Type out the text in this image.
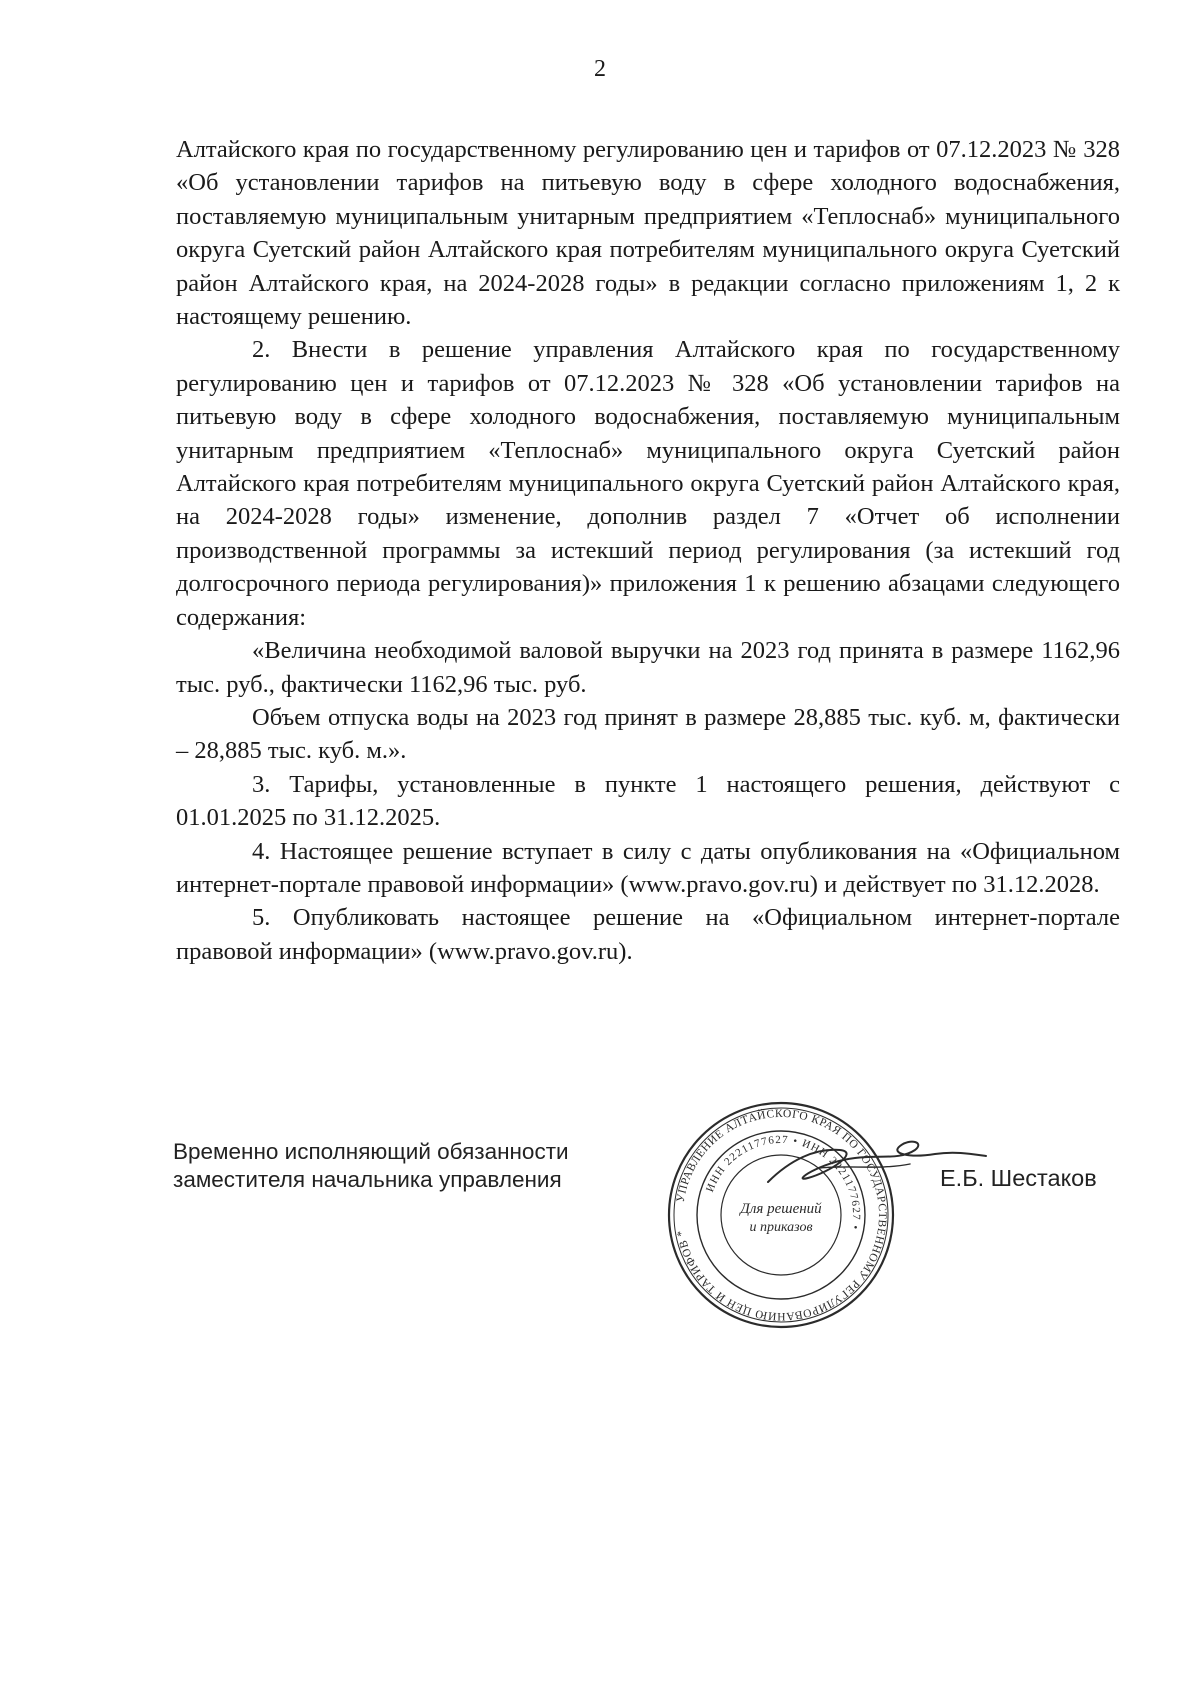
2

Алтайского края по государственному регулированию цен и тарифов от 07.12.2023 № 328 «Об установлении тарифов на питьевую воду в сфере холодного водоснабжения, поставляемую муниципальным унитарным предприятием «Теплоснаб» муниципального округа Суетский район Алтайского края потребителям муниципального округа Суетский район Алтайского края, на 2024-2028 годы» в редакции согласно приложениям 1, 2 к настоящему решению.

2. Внести в решение управления Алтайского края по государственному регулированию цен и тарифов от 07.12.2023 № 328 «Об установлении тарифов на питьевую воду в сфере холодного водоснабжения, поставляемую муниципальным унитарным предприятием «Теплоснаб» муниципального округа Суетский район Алтайского края потребителям муниципального округа Суетский район Алтайского края, на 2024-2028 годы» изменение, дополнив раздел 7 «Отчет об исполнении производственной программы за истекший период регулирования (за истекший год долгосрочного периода регулирования)» приложения 1 к решению абзацами следующего содержания:

«Величина необходимой валовой выручки на 2023 год принята в размере 1162,96 тыс. руб., фактически 1162,96 тыс. руб.

Объем отпуска воды на 2023 год принят в размере 28,885 тыс. куб. м, фактически – 28,885 тыс. куб. м.».

3. Тарифы, установленные в пункте 1 настоящего решения, действуют с 01.01.2025 по 31.12.2025.

4. Настоящее решение вступает в силу с даты опубликования на «Официальном интернет-портале правовой информации» (www.pravo.gov.ru) и действует по 31.12.2028.

5. Опубликовать настоящее решение на «Официальном интернет-портале правовой информации» (www.pravo.gov.ru).

Временно исполняющий обязанности
заместителя начальника управления
УПРАВЛЕНИЕ АЛТАЙСКОГО КРАЯ ПО ГОСУДАРСТВЕННОМУ РЕГУЛИРОВАНИЮ ЦЕН И ТАРИФОВ *
ИНН 2221177627 • ИНН 2221177627 •
Для решений
и приказов
Е.Б. Шестаков
